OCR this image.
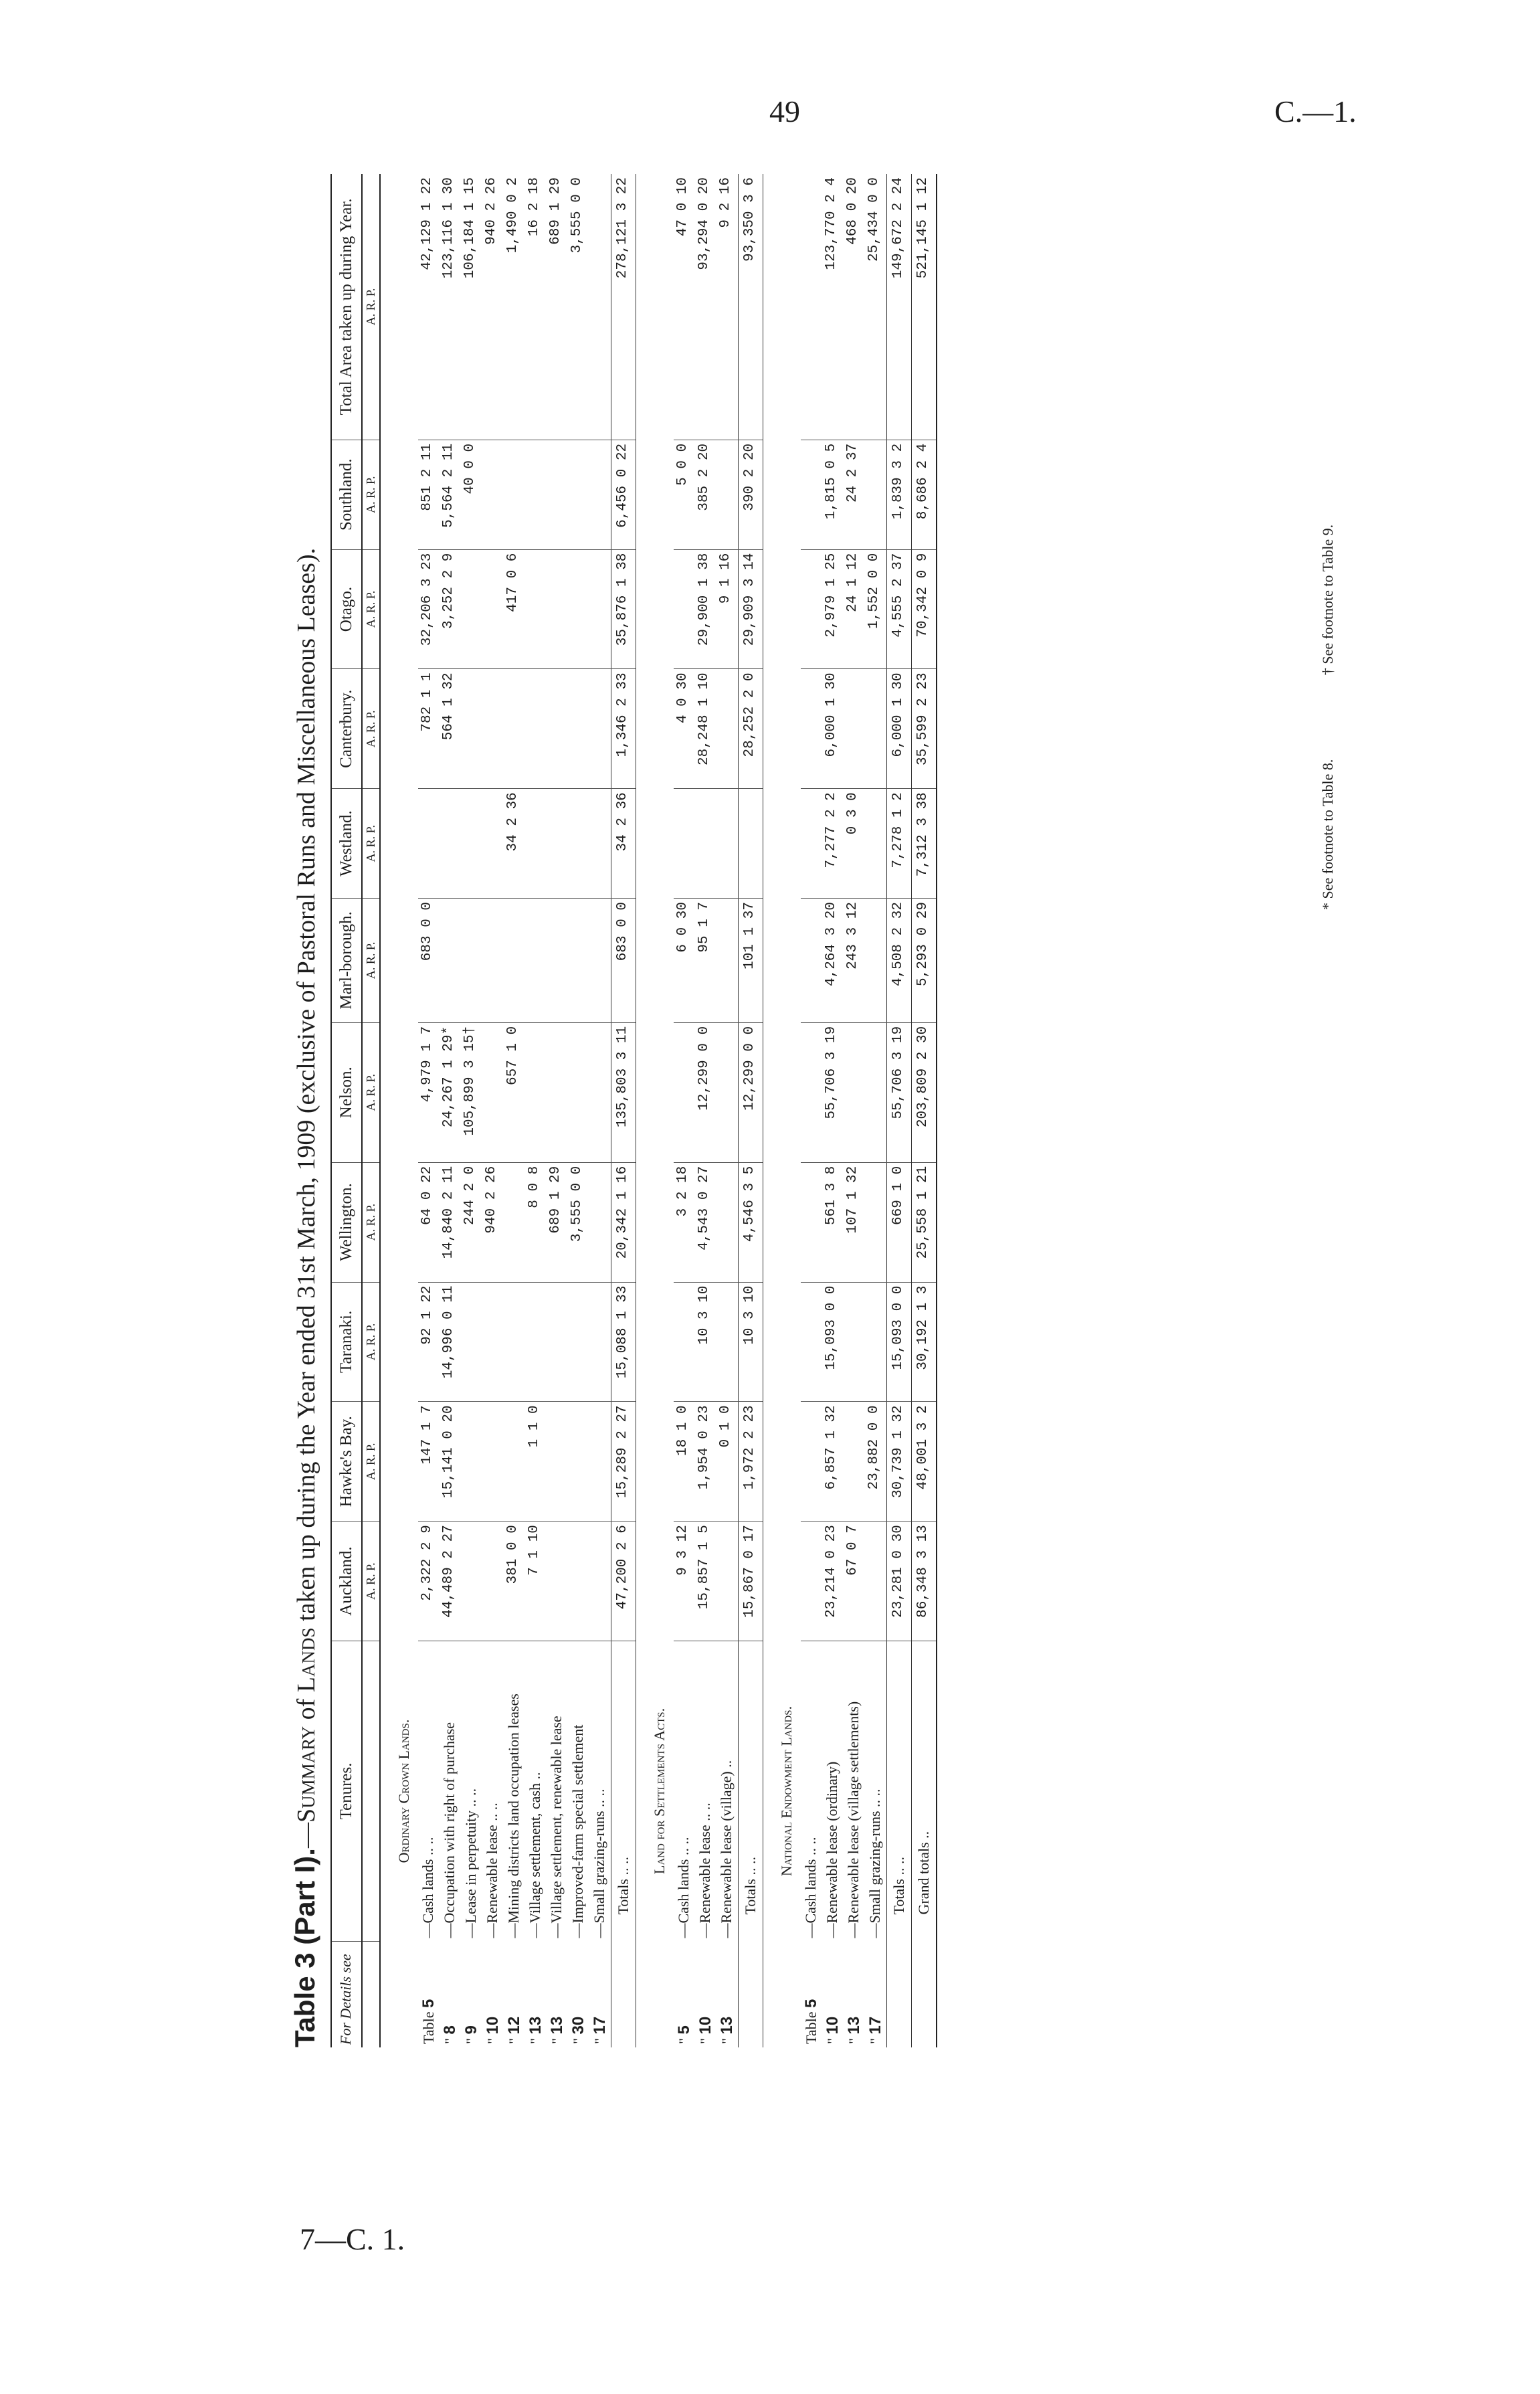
49	C.—1.
7—C. 1.
Table 3 (Part I).—Summary of Lands taken up during the Year ended 31st March, 1909 (exclusive of Pastoral Runs and Miscellaneous Leases).
For Details see	Tenures.	Auckland.	Hawke's Bay.	Taranaki.	Wellington.	Nelson.	Marl-borough.	Westland.	Canterbury.	Otago.	Southland.	Total Area taken up during Year.
		A. R. P.	A. R. P.	A. R. P.	A. R. P.	A. R. P.	A. R. P.	A. R. P.	A. R. P.	A. R. P.	A. R. P.	A. R. P.
	Ordinary Crown Lands.											
Table 5	—Cash lands .. ..	2,322 2 9	147 1 7	92 1 22	64 0 22	4,979 1 7	683 0 0		782 1 1	32,206 3 23	851 2 11	42,129 1 22
" 8	—Occupation with right of purchase	44,489 2 27	15,141 0 20	14,996 0 11	14,840 2 11	24,267 1 29*			564 1 32	3,252 2 9	5,564 2 11	123,116 1 30
" 9	—Lease in perpetuity .. ..				244 2 0	105,899 3 15†					40 0 0	106,184 1 15
" 10	—Renewable lease .. ..				940 2 26							940 2 26
" 12	—Mining districts land occupation leases	381 0 0				657 1 0		34 2 36		417 0 6		1,490 0 2
" 13	—Village settlement, cash ..	7 1 10	1 1 0		8 0 8							16 2 18
" 13	—Village settlement, renewable lease				689 1 29							689 1 29
" 30	—Improved-farm special settlement				3,555 0 0							3,555 0 0
" 17	—Small grazing-runs .. ..											
	Totals .. ..	47,200 2 6	15,289 2 27	15,088 1 33	20,342 1 16	135,803 3 11	683 0 0	34 2 36	1,346 2 33	35,876 1 38	6,456 0 22	278,121 3 22
	Land for Settlements Acts.											
" 5	—Cash lands .. ..	9 3 12	18 1 0		3 2 18		6 0 30		4 0 30		5 0 0	47 0 10
" 10	—Renewable lease .. ..	15,857 1 5	1,954 0 23	10 3 10	4,543 0 27	12,299 0 0	95 1 7		28,248 1 10	29,900 1 38	385 2 20	93,294 0 20
" 13	—Renewable lease (village) ..		0 1 0							9 1 16		9 2 16
	Totals .. ..	15,867 0 17	1,972 2 23	10 3 10	4,546 3 5	12,299 0 0	101 1 37		28,252 2 0	29,909 3 14	390 2 20	93,350 3 6
	National Endowment Lands.											
Table 5	—Cash lands .. ..											
" 10	—Renewable lease (ordinary)	23,214 0 23	6,857 1 32	15,093 0 0	561 3 8	55,706 3 19	4,264 3 20	7,277 2 2	6,000 1 30	2,979 1 25	1,815 0 5	123,770 2 4
" 13	—Renewable lease (village settlements)	67 0 7			107 1 32		243 3 12	0 3 0		24 1 12	24 2 37	468 0 20
" 17	—Small grazing-runs .. ..		23,882 0 0							1,552 0 0		25,434 0 0
	Totals .. ..	23,281 0 30	30,739 1 32	15,093 0 0	669 1 0	55,706 3 19	4,508 2 32	7,278 1 2	6,000 1 30	4,555 2 37	1,839 3 2	149,672 2 24
	Grand totals ..	86,348 3 13	48,001 3 2	30,192 1 3	25,558 1 21	203,809 2 30	5,293 0 29	7,312 3 38	35,599 2 23	70,342 0 9	8,686 2 4	521,145 1 12
* See footnote to Table 8. † See footnote to Table 9.
